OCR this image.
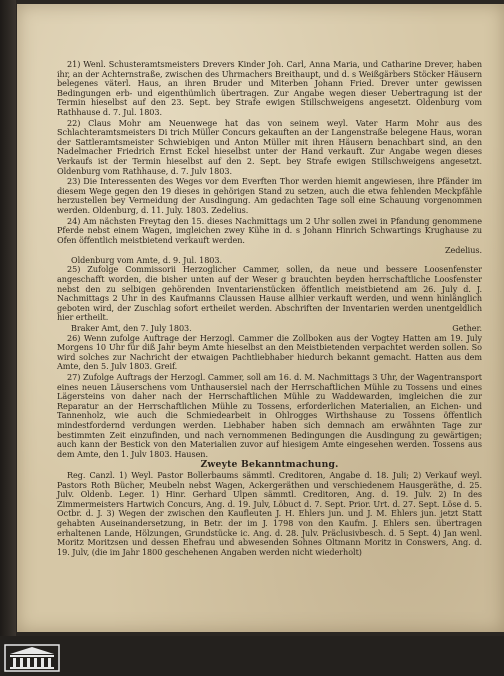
21) Wenl. Schusteramtsmeisters Drevers Kinder Joh. Carl, Anna Maria, und Catharine Drever, haben ihr, an der Achternstraße, zwischen des Uhrmachers Breithaupt, und d. s Weißgärbers Stöcker Häusern belegenes väterl. Haus, an ihren Bruder und Miterben Johann Fried. Drever unter gewissen Bedingungen erb- und eigenthümlich übertragen. Zur Angabe wegen dieser Uebertragung ist der Termin hieselbst auf den 23. Sept. bey Strafe ewigen Stillschweigens angesetzt. Oldenburg vom Rathhause d. 7. Jul. 1803.

22) Claus Mohr am Neuenwege hat das von seinem weyl. Vater Harm Mohr aus des Schlachteramtsmeisters Di trich Müller Concurs gekauften an der Langenstraße belegene Haus, woran der Sattleramtsmeister Schwiebigen und Anton Müller mit ihren Häusern benachbart sind, an den Nadelmacher Friedrich Ernst Eckel hieselbst unter der Hand verkauft. Zur Angabe wegen dieses Verkaufs ist der Termin hieselbst auf den 2. Sept. bey Strafe ewigen Stillschweigens angesetzt. Oldenburg vom Rathhause, d. 7. Julv 1803.

23) Die Interessenten des Weges vor dem Everften Thor werden hiemit angewiesen, ihre Pfänder im diesem Wege gegen den 19 dieses in gehörigen Stand zu setzen, auch die etwa fehlenden Meckpfähle herzustellen bey Vermeidung der Ausdingung. Am gedachten Tage soll eine Schauung vorgenommen werden. Oldenburg, d. 11. July. 1803. Zedelius.

24) Am nächsten Freytag den 15. dieses Nachmittags um 2 Uhr sollen zwei in Pfandung genommene Pferde nebst einem Wagen, imgleichen zwey Kühe in d. s Johann Hinrich Schwartings Krughause zu Ofen öffentlich meistbietend verkauft werden.

Zedelius.

Oldenburg vom Amte, d. 9. Jul. 1803.

25) Zufolge Commissorii Herzoglicher Cammer, sollen, da neue und bessere Loosenfenster angeschafft worden, die bisher unten auf der Weser g brauchten beyden herrschaftliche Loosfenster nebst den zu selbigen gehörenden Inventarienstücken öffentlich meistbietend am 26. July d. J. Nachmittags 2 Uhr in des Kaufmanns Claussen Hause allhier verkauft werden, und wenn hinlänglich geboten wird, der Zuschlag sofort ertheilet werden. Abschriften der Inventarien werden unentgeldlich hier ertheilt.

Braker Amt, den 7. July 1803.	Gether.

26) Wenn zufolge Auftrage der Herzogl. Cammer die Zollboken aus der Vogtey Hatten am 19. July Morgens 10 Uhr für diß Jahr beym Amte hieselbst an den Meistbietenden verpachtet werden sollen. So wird solches zur Nachricht der etwaigen Pachtliebhaber hiedurch bekannt gemacht. Hatten aus dem Amte, den 5. Julv 1803. Greif.

27) Zufolge Auftrags der Herzogl. Cammer, soll am 16. d. M. Nachmittags 3 Uhr, der Wagentransport eines neuen Läuserschens vom Unthausersiel nach der Herrschaftlichen Mühle zu Tossens und eines Lägersteins von daher nach der Herrschaftlichen Mühle zu Waddewarden, imgleichen die zur Reparatur an der Herrschaftlichen Mühle zu Tossens, erforderlichen Materialien, an Eichen- und Tannenholz, wie auch die Schmiedearbeit in Ohlrogges Wirthshause zu Tossens öffentlich mindestfordernd verdungen werden. Liebhaber haben sich demnach am erwähnten Tage zur bestimmten Zeit einzufinden, und nach vernommenen Bedingungen die Ausdingung zu gewärtigen; auch kann der Bestick von den Materialien zuvor auf hiesigem Amte eingesehen werden. Tossens aus dem Amte, den 1. Julv 1803. Hausen.

Zweyte Bekanntmachung.

Reg. Canzl. 1) Weyl. Pastor Bollerbaums sämmtl. Creditoren, Angabe d. 18. Juli; 2) Verkauf weyl. Pastors Roth Bücher, Meubeln nebst Wagen, Ackergeräthen und verschiedenem Hausgeräthe, d. 25. Julv. Oldenb. Leger. 1) Hinr. Gerhard Ulpen sämmtl. Creditoren, Ang. d. 19. Julv. 2) In des Zimmermeisters Hartwich Concurs, Ang. d. 19. Julv, Löbuct d. 7. Sept. Prior. Urt. d. 27. Sept. Löse d. 5. Octbr. d. J. 3) Wegen der zwischen den Kaufleuten J. H. Ehlers jun. und J. M. Ehlers jun. jetzt Statt gehabten Auseinandersetzung, in Betr. der im J. 1798 von den Kaufm. J. Ehlers sen. übertragen erhaltenen Lande, Hölzungen, Grundstücke ic. Ang. d. 28. Julv. Präclusivbesch. d. 5 Sept. 4) Jan wenl. Moritz Moritzsen und dessen Ehefrau und abwesenden Sohnes Oltmann Moritz in Conswers, Ang. d. 19. Julv, (die im Jahr 1800 geschehenen Angaben werden nicht wiederholt)
